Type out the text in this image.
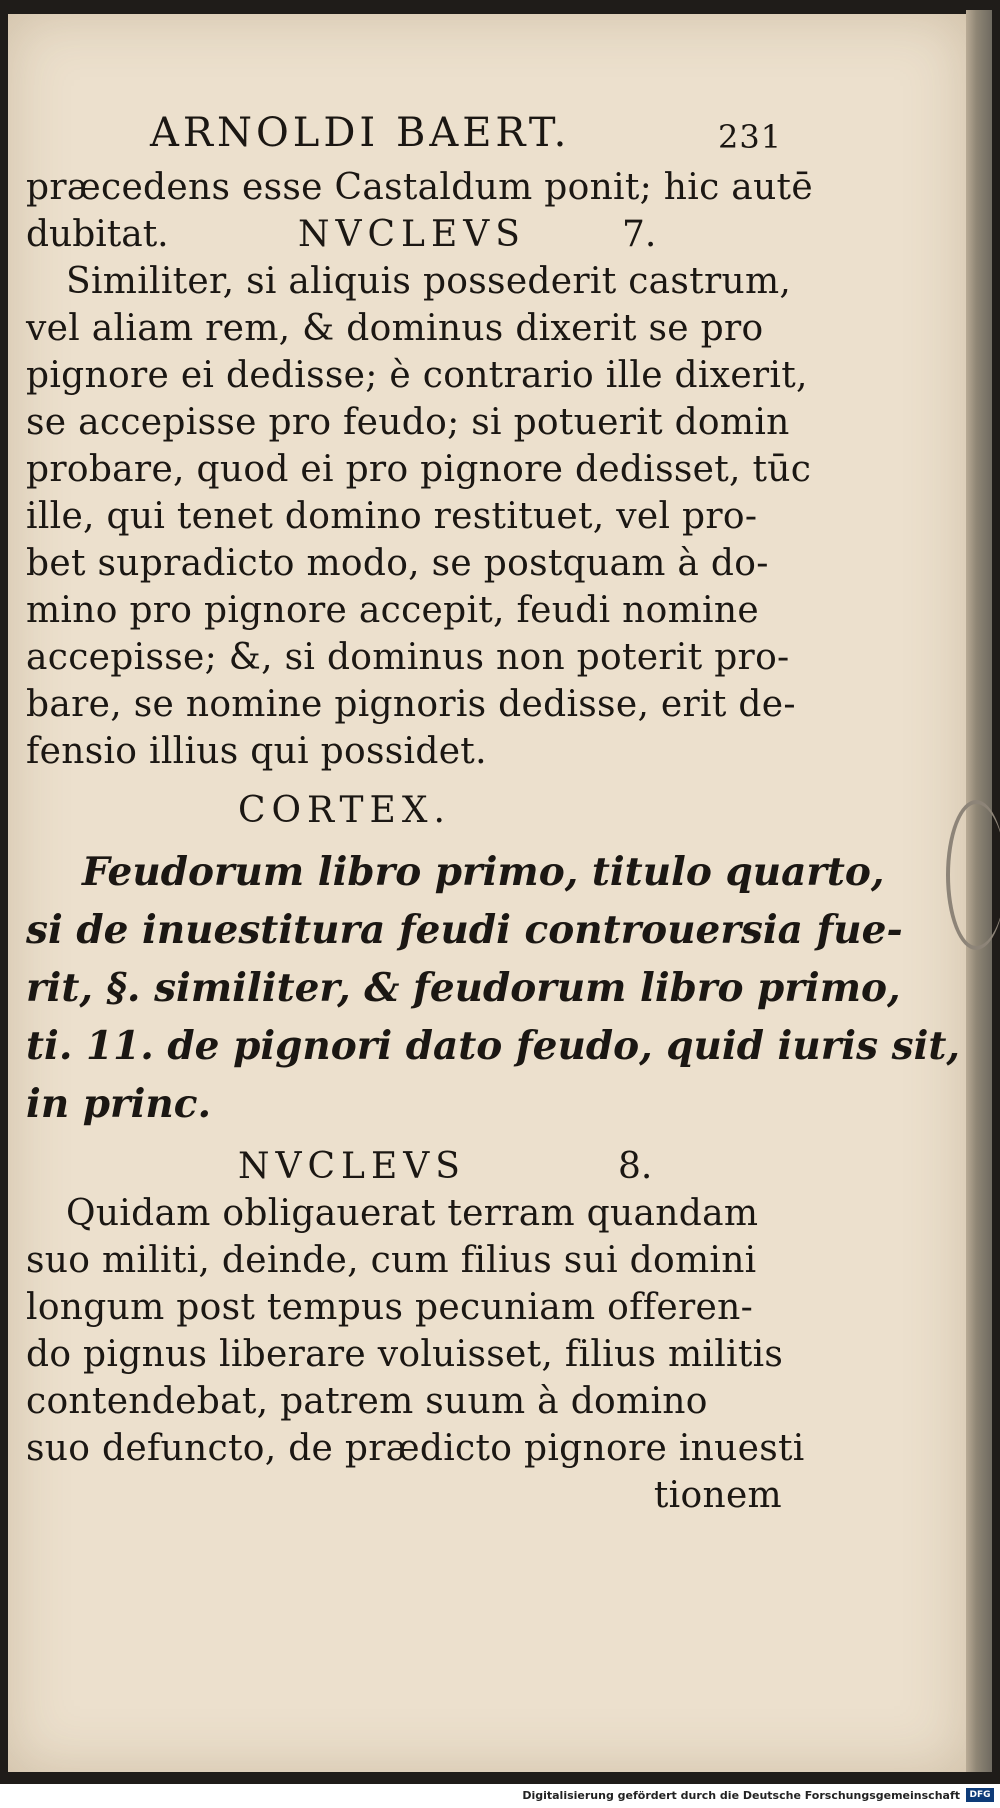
ARNOLDI BAERT.	231
præcedens esse Castaldum ponit; hic autē
dubitat.	NVCLEVS	7.
Similiter, si aliquis possederit castrum,
vel aliam rem, & dominus dixerit se pro
pignore ei dedisse; è contrario ille dixerit,
se accepisse pro feudo; si potuerit domin
probare, quod ei pro pignore dedisset, tūc
ille, qui tenet domino restituet, vel pro-
bet supradicto modo, se postquam à do-
mino pro pignore accepit, feudi nomine
accepisse; &, si dominus non poterit pro-
bare, se nomine pignoris dedisse, erit de-
fensio illius qui possidet.
CORTEX.
Feudorum libro primo, titulo quarto,
si de inuestitura feudi controuersia fue-
rit, §. similiter, & feudorum libro primo,
ti. 11. de pignori dato feudo, quid iuris sit,
in princ.
NVCLEVS	8.
Quidam obligauerat terram quandam
suo militi, deinde, cum filius sui domini
longum post tempus pecuniam offeren-
do pignus liberare voluisset, filius militis
contendebat, patrem suum à domino
suo defuncto, de prædicto pignore inuesti
tionem
Digitalisierung gefördert durch die Deutsche Forschungsgemeinschaft	DFG
